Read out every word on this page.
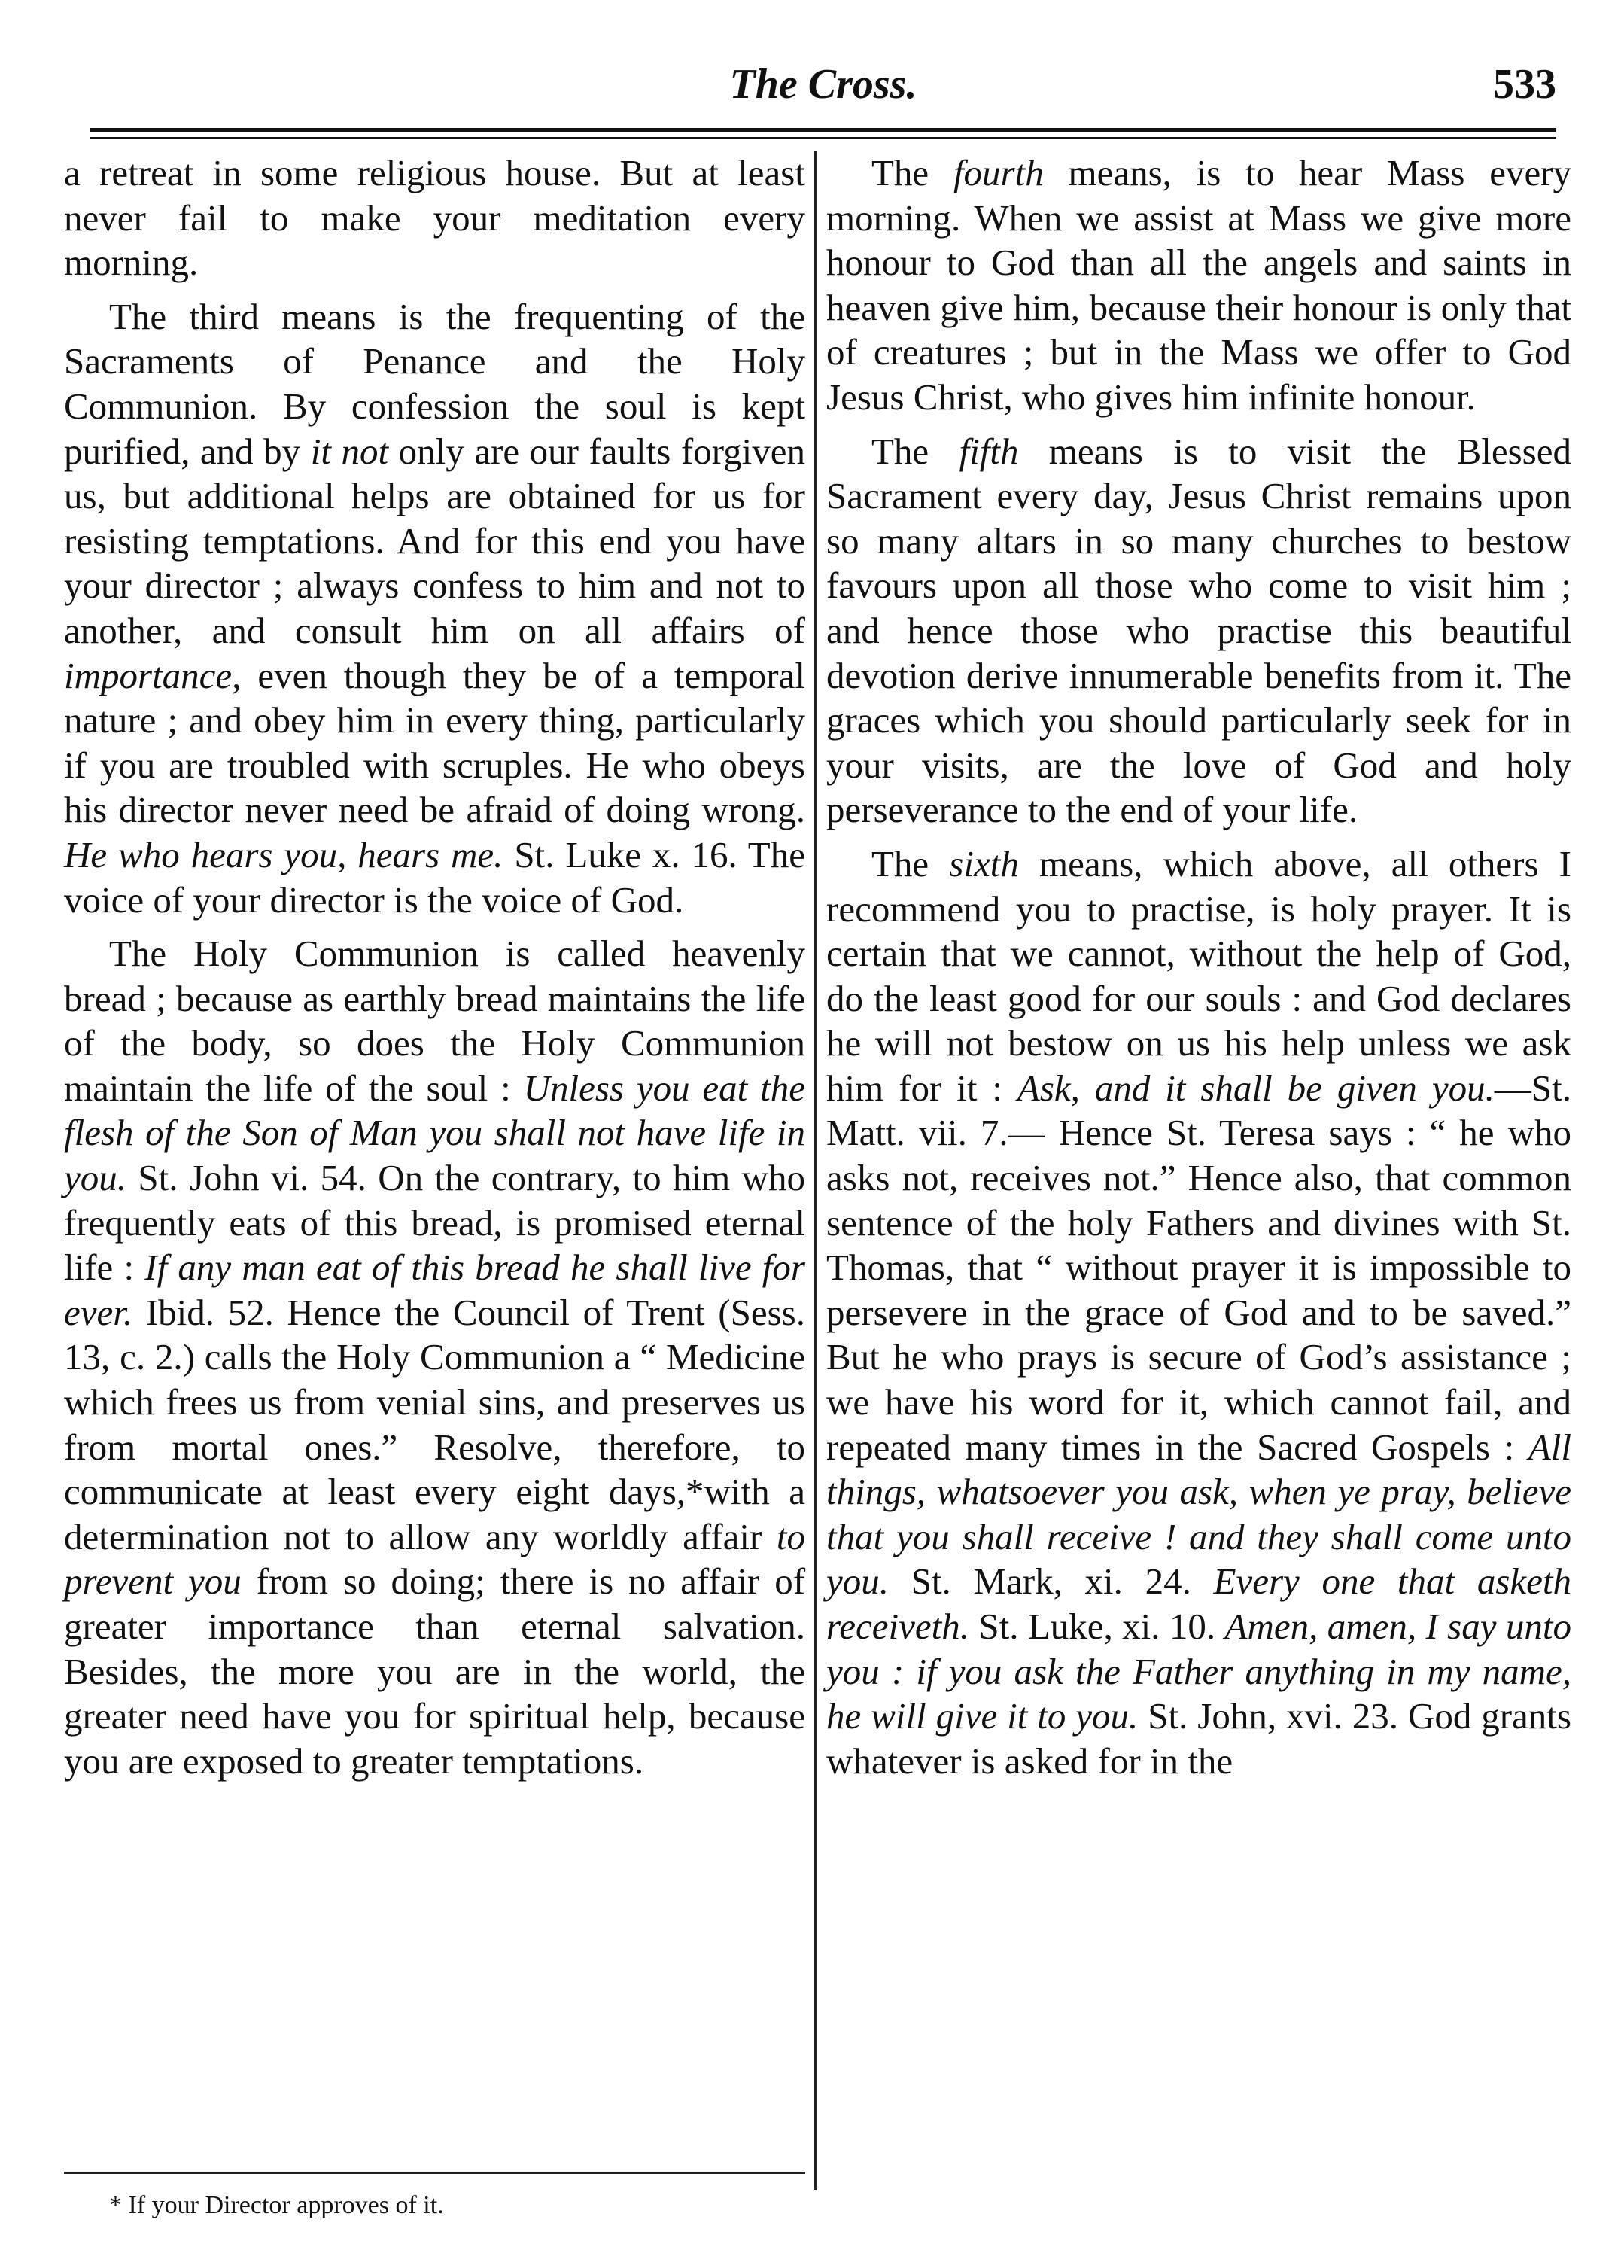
The Cross.	533

a retreat in some religious house. But at least never fail to make your meditation every morning.

The third means is the frequenting of the Sacraments of Penance and the Holy Communion. By confession the soul is kept purified, and by it not only are our faults forgiven us, but additional helps are obtained for us for resisting temptations. And for this end you have your director ; always confess to him and not to another, and consult him on all affairs of importance, even though they be of a temporal nature ; and obey him in every thing, particularly if you are troubled with scruples. He who obeys his director never need be afraid of doing wrong. He who hears you, hears me. St. Luke x. 16. The voice of your director is the voice of God.

The Holy Communion is called heavenly bread ; because as earthly bread maintains the life of the body, so does the Holy Communion maintain the life of the soul : Unless you eat the flesh of the Son of Man you shall not have life in you. St. John vi. 54. On the contrary, to him who frequently eats of this bread, is promised eternal life : If any man eat of this bread he shall live for ever. Ibid. 52. Hence the Council of Trent (Sess. 13, c. 2.) calls the Holy Communion a “ Medicine which frees us from venial sins, and preserves us from mortal ones.” Resolve, therefore, to communicate at least every eight days,*with a determination not to allow any worldly affair to prevent you from so doing; there is no affair of greater importance than eternal salvation. Besides, the more you are in the world, the greater need have you for spiritual help, because you are exposed to greater temptations.

The fourth means, is to hear Mass every morning. When we assist at Mass we give more honour to God than all the angels and saints in heaven give him, because their honour is only that of creatures ; but in the Mass we offer to God Jesus Christ, who gives him infinite honour.

The fifth means is to visit the Blessed Sacrament every day, Jesus Christ remains upon so many altars in so many churches to bestow favours upon all those who come to visit him ; and hence those who practise this beautiful devotion derive innumerable benefits from it. The graces which you should particularly seek for in your visits, are the love of God and holy perseverance to the end of your life.

The sixth means, which above, all others I recommend you to practise, is holy prayer. It is certain that we cannot, without the help of God, do the least good for our souls : and God declares he will not bestow on us his help unless we ask him for it : Ask, and it shall be given you.—St. Matt. vii. 7.— Hence St. Teresa says : “ he who asks not, receives not.” Hence also, that common sentence of the holy Fathers and divines with St. Thomas, that “ without prayer it is impossible to persevere in the grace of God and to be saved.” But he who prays is secure of God’s assistance ; we have his word for it, which cannot fail, and repeated many times in the Sacred Gospels : All things, whatsoever you ask, when ye pray, believe that you shall receive ! and they shall come unto you. St. Mark, xi. 24. Every one that asketh receiveth. St. Luke, xi. 10. Amen, amen, I say unto you : if you ask the Father anything in my name, he will give it to you. St. John, xvi. 23. God grants whatever is asked for in the

* If your Director approves of it.
